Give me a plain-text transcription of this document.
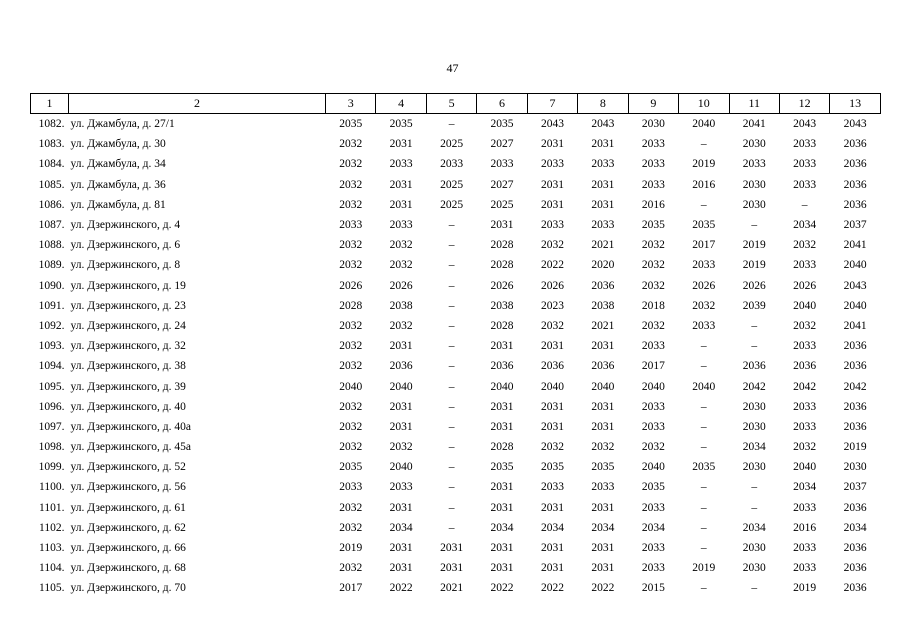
47
1	2	3	4	5	6	7	8	9	10	11	12	13
1082.	ул. Джамбула, д. 27/1	2035	2035	–	2035	2043	2043	2030	2040	2041	2043	2043
1083.	ул. Джамбула, д. 30	2032	2031	2025	2027	2031	2031	2033	–	2030	2033	2036
1084.	ул. Джамбула, д. 34	2032	2033	2033	2033	2033	2033	2033	2019	2033	2033	2036
1085.	ул. Джамбула, д. 36	2032	2031	2025	2027	2031	2031	2033	2016	2030	2033	2036
1086.	ул. Джамбула, д. 81	2032	2031	2025	2025	2031	2031	2016	–	2030	–	2036
1087.	ул. Дзержинского, д. 4	2033	2033	–	2031	2033	2033	2035	2035	–	2034	2037
1088.	ул. Дзержинского, д. 6	2032	2032	–	2028	2032	2021	2032	2017	2019	2032	2041
1089.	ул. Дзержинского, д. 8	2032	2032	–	2028	2022	2020	2032	2033	2019	2033	2040
1090.	ул. Дзержинского, д. 19	2026	2026	–	2026	2026	2036	2032	2026	2026	2026	2043
1091.	ул. Дзержинского, д. 23	2028	2038	–	2038	2023	2038	2018	2032	2039	2040	2040
1092.	ул. Дзержинского, д. 24	2032	2032	–	2028	2032	2021	2032	2033	–	2032	2041
1093.	ул. Дзержинского, д. 32	2032	2031	–	2031	2031	2031	2033	–	–	2033	2036
1094.	ул. Дзержинского, д. 38	2032	2036	–	2036	2036	2036	2017	–	2036	2036	2036
1095.	ул. Дзержинского, д. 39	2040	2040	–	2040	2040	2040	2040	2040	2042	2042	2042
1096.	ул. Дзержинского, д. 40	2032	2031	–	2031	2031	2031	2033	–	2030	2033	2036
1097.	ул. Дзержинского, д. 40а	2032	2031	–	2031	2031	2031	2033	–	2030	2033	2036
1098.	ул. Дзержинского, д. 45а	2032	2032	–	2028	2032	2032	2032	–	2034	2032	2019
1099.	ул. Дзержинского, д. 52	2035	2040	–	2035	2035	2035	2040	2035	2030	2040	2030
1100.	ул. Дзержинского, д. 56	2033	2033	–	2031	2033	2033	2035	–	–	2034	2037
1101.	ул. Дзержинского, д. 61	2032	2031	–	2031	2031	2031	2033	–	–	2033	2036
1102.	ул. Дзержинского, д. 62	2032	2034	–	2034	2034	2034	2034	–	2034	2016	2034
1103.	ул. Дзержинского, д. 66	2019	2031	2031	2031	2031	2031	2033	–	2030	2033	2036
1104.	ул. Дзержинского, д. 68	2032	2031	2031	2031	2031	2031	2033	2019	2030	2033	2036
1105.	ул. Дзержинского, д. 70	2017	2022	2021	2022	2022	2022	2015	–	–	2019	2036
